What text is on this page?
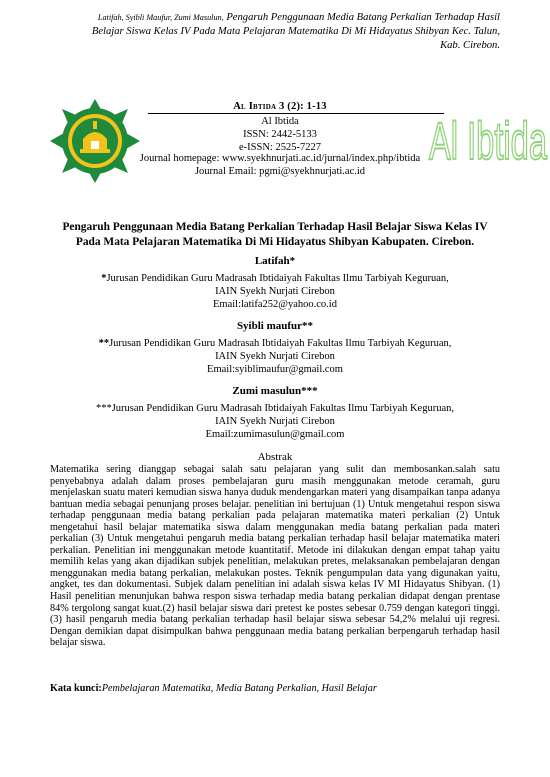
Latifah, Syibli Maufur, Zumi Masulun, Pengaruh Penggunaan Media Batang Perkalian Terhadap Hasil
Belajar Siswa Kelas IV Pada Mata Pelajaran Matematika Di Mi Hidayatus Shibyan Kec. Talun,
Kab. Cirebon.
Al Ibtida 3 (2): 1-13
Al Ibtida
ISSN: 2442-5133
e-ISSN: 2525-7227
Journal homepage: www.syekhnurjati.ac.id/jurnal/index.php/ibtida
Journal Email: pgmi@syekhnurjati.ac.id
Al Ibtida
Pengaruh Penggunaan Media Batang Perkalian Terhadap Hasil Belajar Siswa Kelas IV
Pada Mata Pelajaran Matematika Di Mi Hidayatus Shibyan Kabupaten. Cirebon.
Latifah*
*Jurusan Pendidikan Guru Madrasah Ibtidaiyah Fakultas Ilmu Tarbiyah Keguruan,
IAIN Syekh Nurjati Cirebon
Email:latifa252@yahoo.co.id
Syibli maufur**
**Jurusan Pendidikan Guru Madrasah Ibtidaiyah Fakultas Ilmu Tarbiyah Keguruan,
IAIN Syekh Nurjati Cirebon
Email:syiblimaufur@gmail.com
Zumi masulun***
***Jurusan Pendidikan Guru Madrasah Ibtidaiyah Fakultas Ilmu Tarbiyah Keguruan,
IAIN Syekh Nurjati Cirebon
Email:zumimasulun@gmail.com
Abstrak
Matematika sering dianggap sebagai salah satu pelajaran yang sulit dan membosankan.salah satu penyebabnya adalah dalam proses pembelajaran guru masih menggunakan metode ceramah, guru menjelaskan suatu materi kemudian siswa hanya duduk mendengarkan materi yang disampaikan tanpa adanya bantuan media sebagai penunjang proses belajar. penelitian ini bertujuan (1) Untuk mengetahui respon siswa terhadap penggunaan media batang perkalian pada pelajaran matematika materi perkalian (2) Untuk mengetahui hasil belajar matematika siswa dalam menggunakan media batang perkalian pada materi perkalian (3) Untuk mengetahui pengaruh media batang perkalian terhadap hasil belajar matematika materi perkalian. Penelitian ini menggunakan metode kuantitatif. Metode ini dilakukan dengan empat tahap yaitu memilih kelas yang akan dijadikan subjek penelitian, melakukan pretes, melaksanakan pembelajaran dengan menggunakan media batang perkalian, melakukan postes. Teknik pengumpulan data yang digunakan yaitu, angket, tes dan dokumentasi. Subjek dalam penelitian ini adalah siswa kelas IV MI Hidayatus Shibyan. (1) Hasil penelitian menunjukan bahwa respon siswa terhadap media batang perkalian didapat dengan prentase 84% tergolong sangat kuat.(2) hasil belajar siswa dari pretest ke postes sebesar 0.759 dengan kategori tinggi. (3) hasil pengaruh media batang perkalian terhadap hasil belajar siswa sebesar 54,2% melalui uji regresi. Dengan demikian dapat disimpulkan bahwa penggunaan media batang perkalian berpengaruh terhadap hasil belajar siswa.
Kata kunci:Pembelajaran Matematika, Media Batang Perkalian, Hasil Belajar
